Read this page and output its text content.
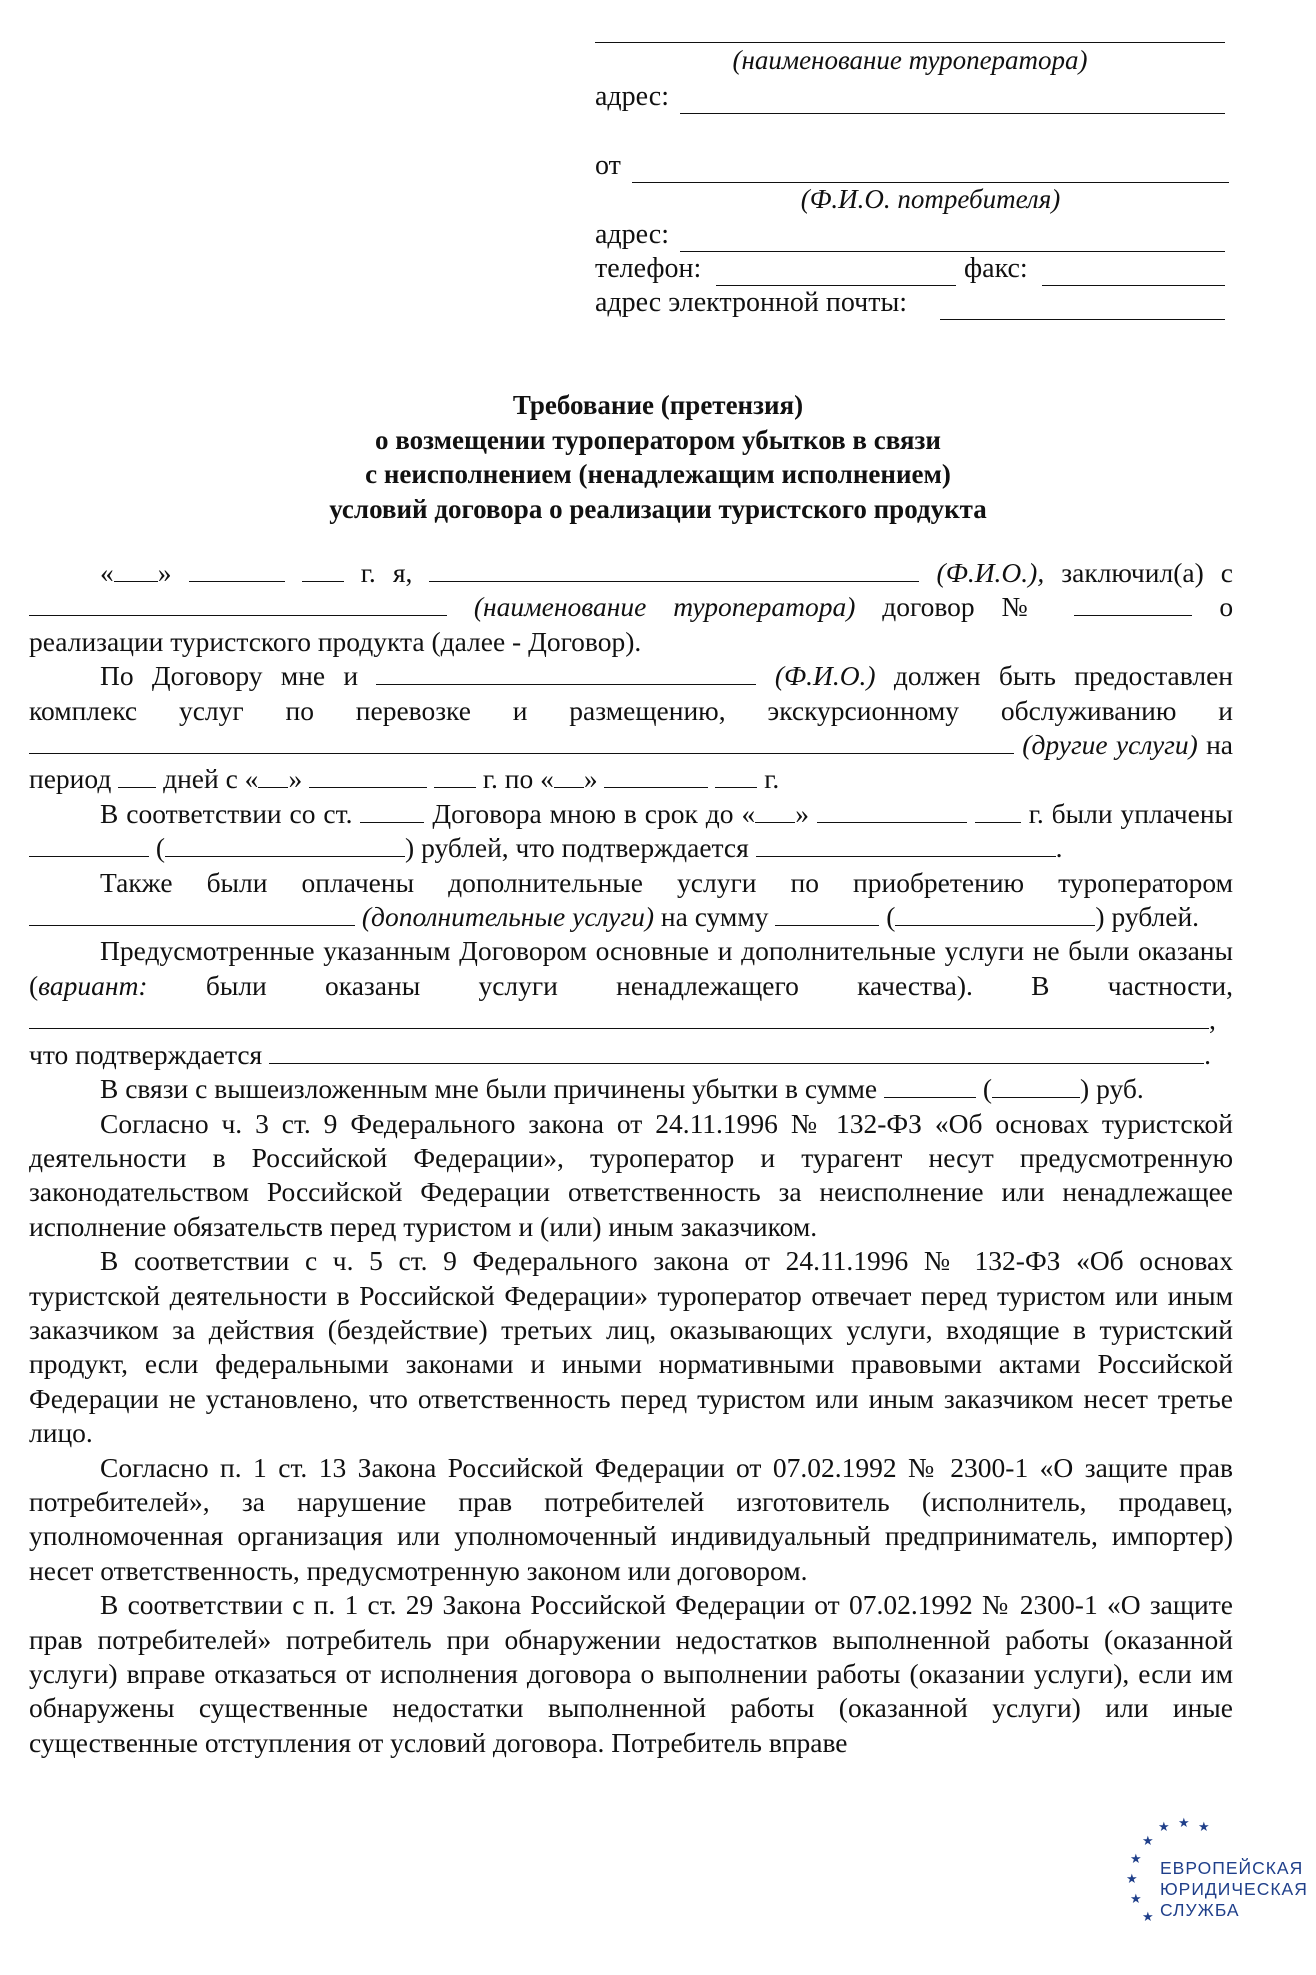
(наименование туроператора)
адрес:
от
(Ф.И.О. потребителя)
адрес:
телефон:	факс:
адрес электронной почты:
Требование (претензия)
о возмещении туроператором убытков в связи
с неисполнением (ненадлежащим исполнением)
условий договора о реализации туристского продукта

« »	г. я,	(Ф.И.О.), заключил(а) с  (наименование туроператора) договор №	о реализации туристского продукта (далее - Договор).

По Договору мне и	(Ф.И.О.) должен быть предоставлен комплекс услуг по перевозке и размещению, экскурсионному обслуживанию и  (другие услуги) на период дней с « »	г. по « »	г.

В соответствии со ст.	Договора мною в срок до « »	г. были уплачены  (	) рублей, что подтверждается	.

Также были оплачены дополнительные услуги по приобретению туроператором  (дополнительные услуги) на сумму	(	) рублей.

Предусмотренные указанным Договором основные и дополнительные услуги не были оказаны (вариант: были оказаны услуги ненадлежащего качества). В частности, , что подтверждается	.

В связи с вышеизложенным мне были причинены убытки в сумме	(	) руб.

Согласно ч. 3 ст. 9 Федерального закона от 24.11.1996 № 132-ФЗ «Об основах туристской деятельности в Российской Федерации», туроператор и турагент несут предусмотренную законодательством Российской Федерации ответственность за неисполнение или ненадлежащее исполнение обязательств перед туристом и (или) иным заказчиком.

В соответствии с ч. 5 ст. 9 Федерального закона от 24.11.1996 № 132-ФЗ «Об основах туристской деятельности в Российской Федерации» туроператор отвечает перед туристом или иным заказчиком за действия (бездействие) третьих лиц, оказывающих услуги, входящие в туристский продукт, если федеральными законами и иными нормативными правовыми актами Российской Федерации не установлено, что ответственность перед туристом или иным заказчиком несет третье лицо.

Согласно п. 1 ст. 13 Закона Российской Федерации от 07.02.1992 № 2300-1 «О защите прав потребителей», за нарушение прав потребителей изготовитель (исполнитель, продавец, уполномоченная организация или уполномоченный индивидуальный предприниматель, импортер) несет ответственность, предусмотренную законом или договором.

В соответствии с п. 1 ст. 29 Закона Российской Федерации от 07.02.1992 № 2300-1 «О защите прав потребителей» потребитель при обнаружении недостатков выполненной работы (оказанной услуги) вправе отказаться от исполнения договора о выполнении работы (оказании услуги), если им обнаружены существенные недостатки выполненной работы (оказанной услуги) или иные существенные отступления от условий договора. Потребитель вправе

★ ★ ★
★
★
★
★
★
ЕВРОПЕЙСКАЯ
ЮРИДИЧЕСКАЯ
СЛУЖБА
